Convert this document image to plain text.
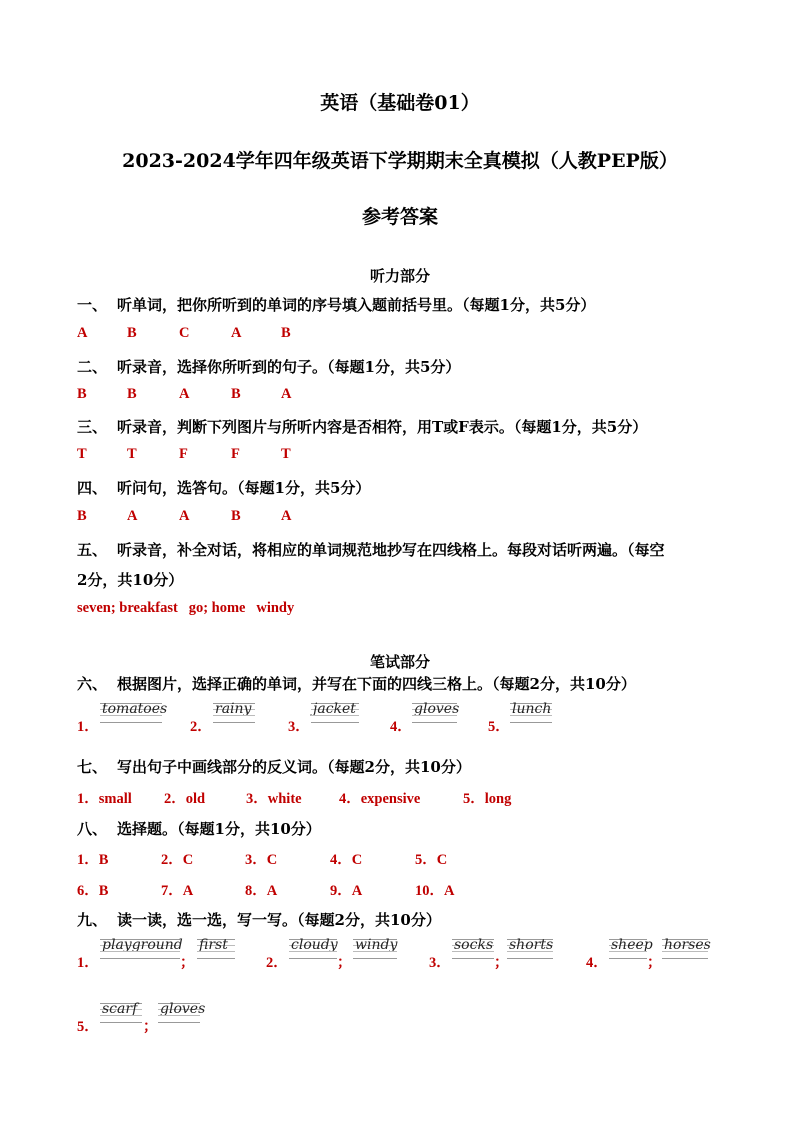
英语（基础卷01）
2023-2024学年四年级英语下学期期末全真模拟（人教PEP版）
参考答案
听力部分
一、 听单词，把你所听到的单词的序号填入题前括号里。（每题1分，共5分）
A	B	C	A	B
二、 听录音，选择你所听到的句子。（每题1分，共5分）
B	B	A	B	A
三、 听录音，判断下列图片与所听内容是否相符，用T或F表示。（每题1分，共5分）
T	T	F	F	T
四、 听问句，选答句。（每题1分，共5分）
B	A	A	B	A
五、 听录音，补全对话，将相应的单词规范地抄写在四线格上。每段对话听两遍。（每空
2分，共10分）
seven; breakfast   go; home   windy
笔试部分
六、 根据图片，选择正确的单词，并写在下面的四线三格上。（每题2分，共10分）
1．
tomatoes
2．
rainy
3．
jacket
4．
gloves
5．
lunch
七、 写出句子中画线部分的反义词。（每题2分，共10分）
1．small 2．old	3．white	4．expensive	5．long
八、 选择题。（每题1分，共10分）
1．B	2．C	3．C	4．C	5．C
6．B	7．A	8．A	9．A	10．A
九、 读一读，选一选，写一写。（每题2分，共10分）
1．
playground
；
first
2．
cloudy
；
windy
3．
socks
；
shorts
4．
sheep
；
horses
5．
scarf
；
gloves
